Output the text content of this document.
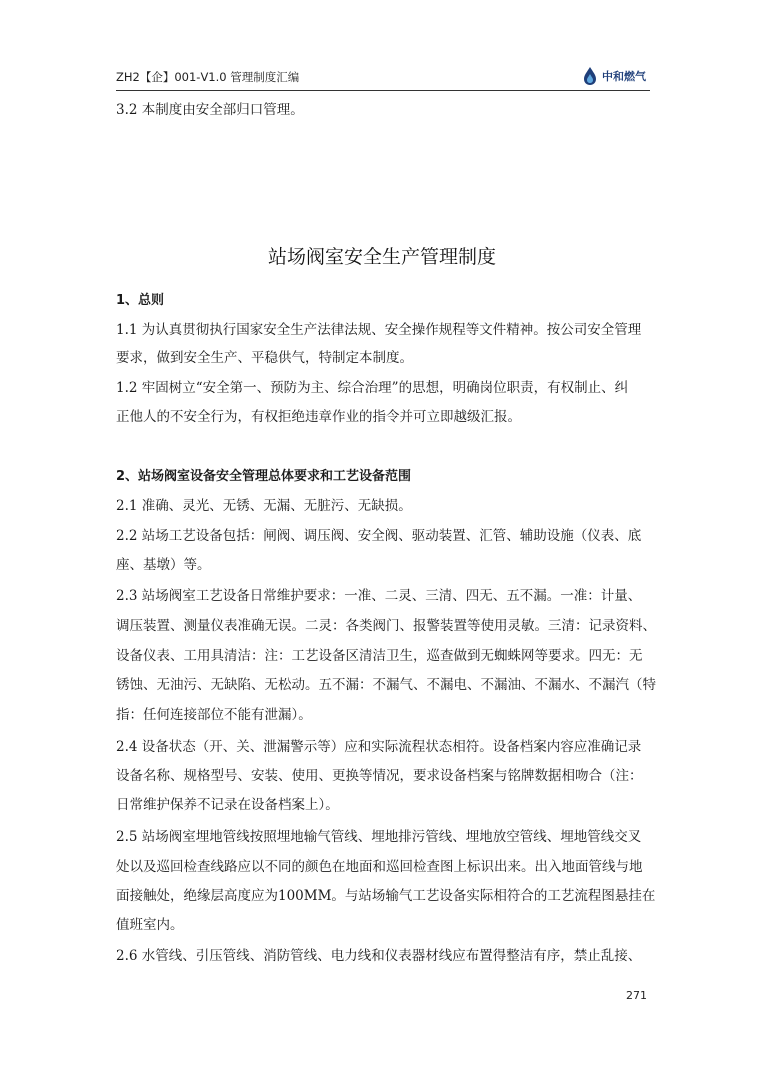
ZH2【企】001-V1.0 管理制度汇编	中和燃气
3.2 本制度由安全部归口管理。
站场阀室安全生产管理制度
1、总则
1.1 为认真贯彻执行国家安全生产法律法规、安全操作规程等文件精神。按公司安全管理
要求，做到安全生产、平稳供气，特制定本制度。
1.2 牢固树立“安全第一、预防为主、综合治理”的思想，明确岗位职责，有权制止、纠
正他人的不安全行为，有权拒绝违章作业的指令并可立即越级汇报。
2、站场阀室设备安全管理总体要求和工艺设备范围
2.1 准确、灵光、无锈、无漏、无脏污、无缺损。
2.2 站场工艺设备包括：闸阀、调压阀、安全阀、驱动装置、汇管、辅助设施（仪表、底
座、基墩）等。
2.3 站场阀室工艺设备日常维护要求：一准、二灵、三清、四无、五不漏。一准：计量、
调压装置、测量仪表准确无误。二灵：各类阀门、报警装置等使用灵敏。三清：记录资料、
设备仪表、工用具清洁：注：工艺设备区清洁卫生，巡查做到无蜘蛛网等要求。四无：无
锈蚀、无油污、无缺陷、无松动。五不漏：不漏气、不漏电、不漏油、不漏水、不漏汽（特
指：任何连接部位不能有泄漏）。
2.4 设备状态（开、关、泄漏警示等）应和实际流程状态相符。设备档案内容应准确记录
设备名称、规格型号、安装、使用、更换等情况，要求设备档案与铭牌数据相吻合（注：
日常维护保养不记录在设备档案上）。
2.5 站场阀室埋地管线按照埋地输气管线、埋地排污管线、埋地放空管线、埋地管线交叉
处以及巡回检查线路应以不同的颜色在地面和巡回检查图上标识出来。出入地面管线与地
面接触处，绝缘层高度应为100MM。与站场输气工艺设备实际相符合的工艺流程图悬挂在
值班室内。
2.6 水管线、引压管线、消防管线、电力线和仪表器材线应布置得整洁有序，禁止乱接、
271
